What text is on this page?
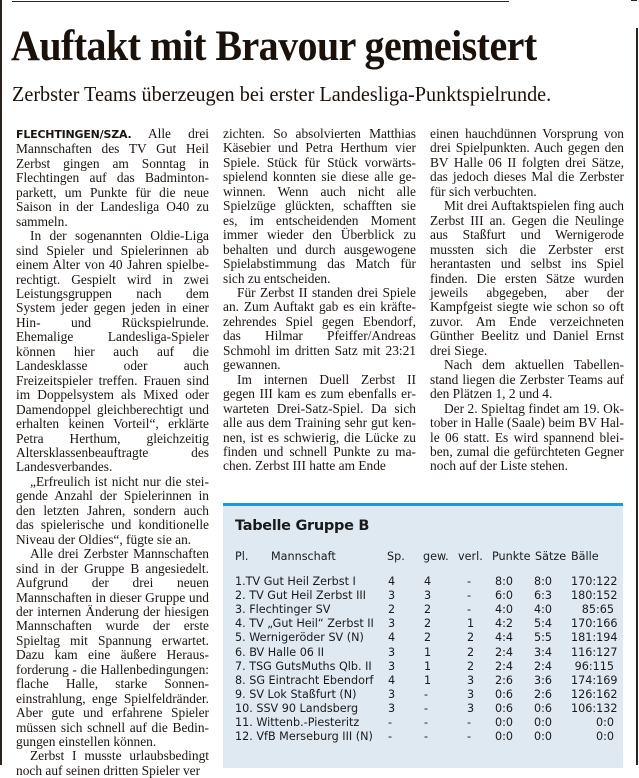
Auftakt mit Bravour gemeistert
Zerbster Teams überzeugen bei erster Landesliga-Punktspielrunde.

FLECHTINGEN/SZA. Alle drei Mannschaften des TV Gut Heil Zerbst gingen am Sonntag in Flechtingen auf das Badmintonparkett, um Punkte für die neue Saison in der Landesliga O40 zu sammeln.

In der sogenannten Oldie-Liga sind Spieler und Spielerinnen ab einem Alter von 40 Jahren spielberechtigt. Gespielt wird in zwei Leistungsgruppen nach dem System jeder gegen jeden in einer Hin- und Rückspielrunde. Ehemalige Landesliga-Spieler können hier auch auf die Landesklasse oder auch Freizeitspieler treffen. Frauen sind im Doppelsystem als Mixed oder Damendoppel gleichberechtigt und erhalten keinen Vorteil“, erklärte Petra Herthum, gleichzeitig Altersklassenbeauftragte des Landesverbandes.

„Erfreulich ist nicht nur die steigende Anzahl der Spielerinnen in den letzten Jahren, sondern auch das spielerische und konditionelle Niveau der Oldies“, fügte sie an.

Alle drei Zerbster Mannschaften sind in der Gruppe B angesiedelt. Aufgrund der drei neuen Mannschaften in dieser Gruppe und der internen Änderung der hiesigen Mannschaften wurde der erste Spieltag mit Spannung erwartet. Dazu kam eine äußere Herausforderung - die Hallenbedingungen: flache Halle, starke Sonneneinstrahlung, enge Spielfeldränder. Aber gute und erfahrene Spieler müssen sich schnell auf die Bedingungen einstellen können.

Zerbst I musste urlaubsbedingt noch auf seinen dritten Spieler ver

zichten. So absolvierten Matthias Käsebier und Petra Herthum vier Spiele. Stück für Stück vorwärtsspielend konnten sie diese alle gewinnen. Wenn auch nicht alle Spielzüge glückten, schafften sie es, im entscheidenden Moment immer wieder den Überblick zu behalten und durch ausgewogene Spielabstimmung das Match für sich zu entscheiden.

Für Zerbst II standen drei Spiele an. Zum Auftakt gab es ein kräftezehrendes Spiel gegen Ebendorf, das Hilmar Pfeiffer/Andreas Schmohl im dritten Satz mit 23:21 gewannen.

Im internen Duell Zerbst II gegen III kam es zum ebenfalls erwarteten Drei-Satz-Spiel. Da sich alle aus dem Training sehr gut kennen, ist es schwierig, die Lücke zu finden und schnell Punkte zu machen. Zerbst III hatte am Ende

einen hauchdünnen Vorsprung von drei Spielpunkten. Auch gegen den BV Halle 06 II folgten drei Sätze, das jedoch dieses Mal die Zerbster für sich verbuchten.

Mit drei Auftaktspielen fing auch Zerbst III an. Gegen die Neulinge aus Staßfurt und Wernigerode mussten sich die Zerbster erst herantasten und selbst ins Spiel finden. Die ersten Sätze wurden jeweils abgegeben, aber der Kampfgeist siegte wie schon so oft zuvor. Am Ende verzeichneten Günther Beelitz und Daniel Ernst drei Siege.

Nach dem aktuellen Tabellenstand liegen die Zerbster Teams auf den Plätzen 1, 2 und 4.

Der 2. Spieltag findet am 19. Oktober in Halle (Saale) beim BV Halle 06 statt. Es wird spannend bleiben, zumal die gefürchteten Gegner noch auf der Liste stehen.

Tabelle Gruppe B
Pl. Mannschaft	Sp. gew. verl. Punkte Sätze Bälle
1.TV Gut Heil Zerbst I	4	4	- 8:0 8:0 170:122
2. TV Gut Heil Zerbst III 3	3	- 6:0 6:3 180:152
3. Flechtinger SV	2	2	- 4:0 4:0	85:65
4. TV „Gut Heil“ Zerbst II 3	2	1 4:2 5:4 170:166
5. Wernigeröder SV (N) 4	2	2 4:4 5:5 181:194
6. BV Halle 06 II	3	1	2 2:4 3:4 116:127
7. TSG GutsMuths Qlb. II 3	1	2 2:4 2:4	96:115
8. SG Eintracht Ebendorf 4	1	3 2:6 3:6 174:169
9. SV Lok Staßfurt (N)	3	-	3 0:6 2:6 126:162
10. SSV 90 Landsberg	3	-	3 0:6 0:6 106:132
11. Wittenb.-Piesteritz	-	-	- 0:0 0:0	0:0
12. VfB Merseburg III (N) -	-	- 0:0 0:0	0:0
